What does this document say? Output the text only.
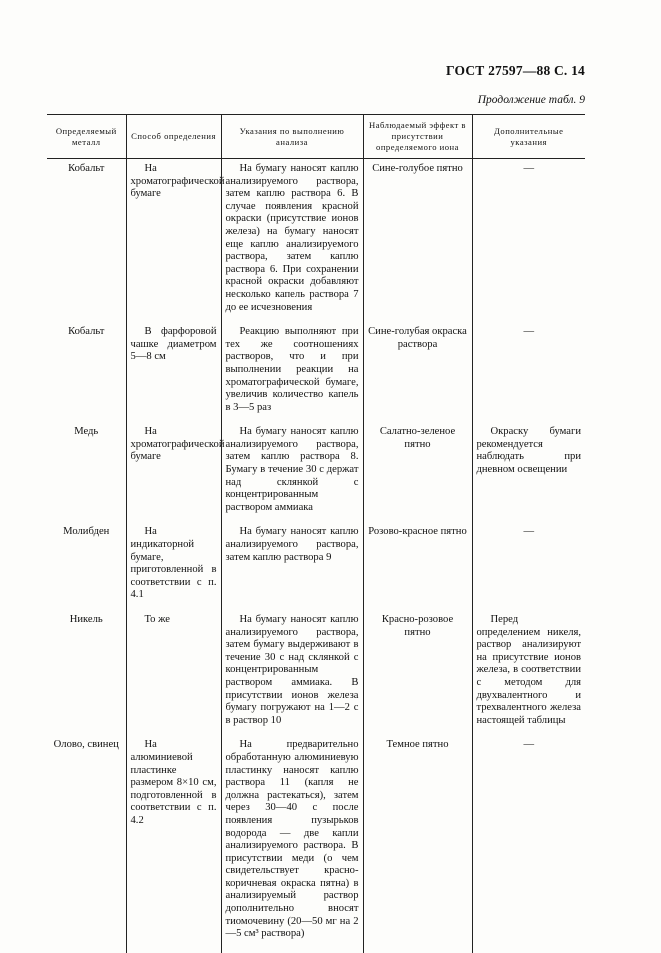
ГОСТ 27597—88 С. 14
Продолжение табл. 9
Определяемый металл	Способ определения	Указания по выполнению анализа	Наблюдаемый эффект в присутствии определяемого иона	Дополнительные указания
Кобальт	На хроматографической бумаге	На бумагу наносят каплю анализируемого раствора, затем каплю раствора 6. В случае появления красной окраски (присутствие ионов железа) на бумагу наносят еще каплю анализируемого раствора, затем каплю раствора 6. При сохранении красной окраски добавляют несколько капель раствора 7 до ее исчезновения	Сине-голубое пятно	—
Кобальт	В фарфоровой чашке диаметром 5—8 см	Реакцию выполняют при тех же соотношениях растворов, что и при выполнении реакции на хроматографической бумаге, увеличив количество капель в 3—5 раз	Сине-голубая окраска раствора	—
Медь	На хроматографической бумаге	На бумагу наносят каплю анализируемого раствора, затем каплю раствора 8. Бумагу в течение 30 с держат над склянкой с концентрированным раствором аммиака	Салатно-зеленое пятно	Окраску бумаги рекомендуется наблюдать при дневном освещении
Молибден	На индикаторной бумаге, приготовленной в соответствии с п. 4.1	На бумагу наносят каплю анализируемого раствора, затем каплю раствора 9	Розово-красное пятно	—
Никель	То же	На бумагу наносят каплю анализируемого раствора, затем бумагу выдерживают в течение 30 с над склянкой с концентрированным раствором аммиака. В присутствии ионов железа бумагу погружают на 1—2 с в раствор 10	Красно-розовое пятно	Перед определением никеля, раствор анализируют на присутствие ионов железа, в соответствии с методом для двухвалентного и трехвалентного железа настоящей таблицы
Олово, свинец	На алюминиевой пластинке размером 8×10 см, подготовленной в соответствии с п. 4.2	На предварительно обработанную алюминиевую пластинку наносят каплю раствора 11 (капля не должна растекаться), затем через 30—40 с после появления пузырьков водорода — две капли анализируемого раствора. В присутствии меди (о чем свидетельствует красно-коричневая окраска пятна) в анализируемый раствор дополнительно вносят тиомочевину (20—50 мг на 2—5 см³ раствора)	Темное пятно	—
